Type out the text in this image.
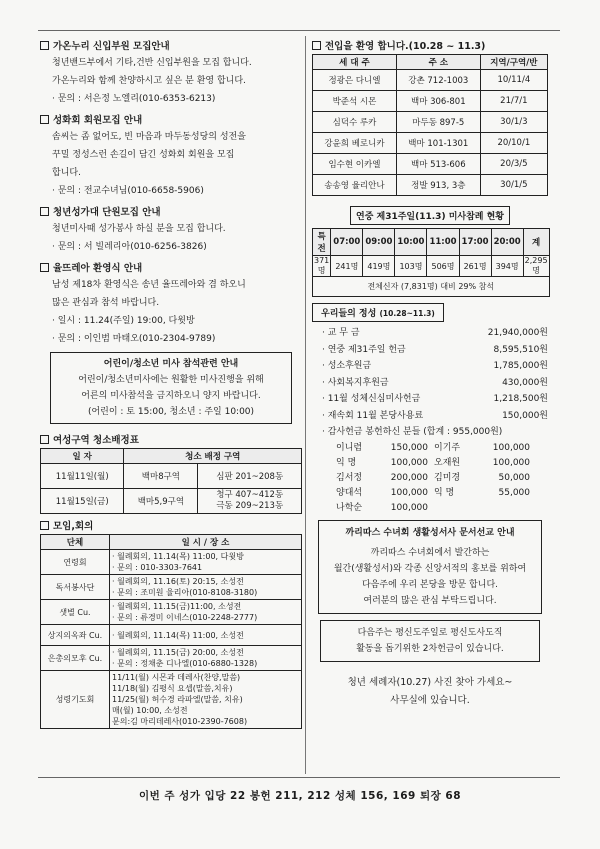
가온누리 신입부원 모집안내
청년밴드부에서 기타,건반 신입부원을 모집 합니다.
가온누리와 함께 찬양하시고 싶은 분 환영 합니다.
· 문의 : 서은정 노엘리(010-6353-6213)
성화회 회원모집 안내
솜씨는 좀 없어도, 빈 마음과 마두동성당의 성전을
꾸밀 정성스런 손길이 담긴 성화회 회원을 모집
합니다.
· 문의 : 전교수녀님(010-6658-5906)
청년성가대 단원모집 안내
청년미사때 성가봉사 하실 분을 모집 합니다.
· 문의 : 서 빌레리아(010-6256-3826)
율뜨레아 환영식 안내
남성 제18차 환영식은 송년 율뜨레아와 겸 하오니
많은 관심과 참석 바랍니다.
· 일시 : 11.24(주일) 19:00, 다윗방
· 문의 : 이인범 마태오(010-2304-9789)
어린이/청소년 미사 참석관련 안내
어린이/청소년미사에는 원활한 미사진행을 위해
어른의 미사참석을 금지하오니 양지 바랍니다.
(어린이 : 토 15:00, 청소년 : 주일 10:00)
여성구역 청소배정표
일 자	청소 배정 구역	
11월11일(월)	백마8구역	심판 201~208동
11월15일(금)	백마5,9구역	청구 407~412동
극동 209~213동
모임,회의
단체	일 시 / 장 소
연령회	· 월례회의, 11.14(목) 11:00, 다윗방
· 문의 : 010-3303-7641
독서봉사단	· 월례회의, 11.16(토) 20:15, 소성전
· 문의 : 조미원 율리아(010-8108-3180)
샛별 Cu.	· 월례회의, 11.15(금)11:00, 소성전
· 문의 : 류경미 이네스(010-2248-2777)
상지의옥좌 Cu.	· 월례회의, 11.14(목) 11:00, 소성전
은총의모후 Cu.	· 월례회의, 11.15(금) 20:00, 소성전
· 문의 : 정채춘 디나엘(010-6880-1328)
성령기도회	11/11(월) 시몬과 데레사(찬양,말씀)
11/18(월) 김평식 요셉(말씀,치유)
11/25(월) 허수경 라파엘(말씀, 치유)
매(월) 10:00, 소성전
문의:김 마리데레사(010-2390-7608)
전입을 환영 합니다.(10.28 ~ 11.3)
세 대 주	주 소	지역/구역/반
정광은 다니엘	강촌 712-1003	10/11/4
박준석 시몬	백마 306-801	21/7/1
심덕수 루카	마두동 897-5	30/1/3
강윤희 베로니카	백마 101-1301	20/10/1
임수현 이카엘	백마 513-606	20/3/5
송송영 율리안나	정발 913, 3층	30/1/5
연중 제31주일(11.3) 미사참례 현황
특전	07:00	09:00	10:00	11:00	17:00	20:00	계
371명	241명	419명	103명	506명	261명	394명	2,295명
전체신자 (7,831명) 대비 29% 참석							
우리들의 정성 (10.28~11.3)
· 교 무 금	21,940,000원
· 연중 제31주일 헌금	8,595,510원
· 성소후원금	1,785,000원
· 사회복지후원금	430,000원
· 11월 성체신심미사헌금	1,218,500원
· 재속회 11월 본당사용료	150,000원
· 감사헌금 봉헌하신 분들 (합계 : 955,000원)
이니렴	150,000 이기주	100,000
익 명	100,000 오재원	100,000
김서정	200,000 김미경	50,000
양대석	100,000 익 명	55,000
나학순	100,000
까리따스 수녀회 생활성서사 문서선교 안내
까리따스 수녀회에서 발간하는
월간(생활성서)와 각종 신앙서적의 홍보를 위하여
다음주에 우리 본당을 방문 합니다.
여러분의 많은 관심 부탁드립니다.
다음주는 평신도주일로 평신도사도직
활동을 돕기위한 2차헌금이 있습니다.
청년 세례자(10.27) 사진 찾아 가세요~
사무실에 있습니다.
이번 주 성가 입당 22 봉헌 211, 212 성체 156, 169 퇴장 68
